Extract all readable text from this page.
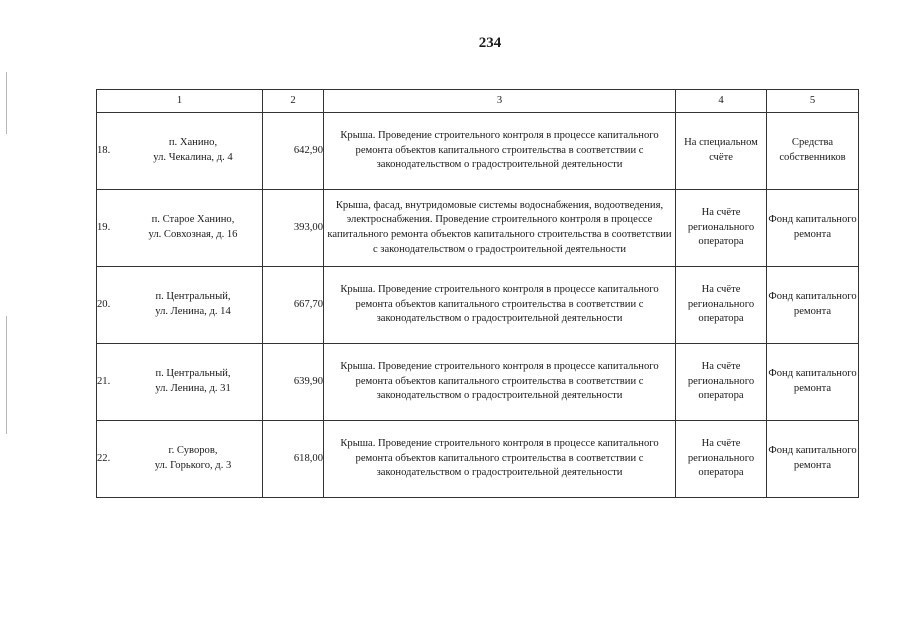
234
1	2	3	4	5
18.п. Ханино,
ул. Чекалина, д. 4	642,90	Крыша. Проведение строительного контроля в процессе капитального ремонта объектов капитального строительства в соответствии с законодательством о градостроительной деятельности	На специальном счёте	Средства собственников
19.п. Старое Ханино,
ул. Совхозная, д. 16	393,00	Крыша, фасад, внутридомовые системы водоснабжения, водоотведения, электроснабжения. Проведение строительного контроля в процессе капитального ремонта объектов капитального строительства в соответствии с законодательством о градостроительной деятельности	На счёте регионального оператора	Фонд капитального ремонта
20.п. Центральный,
ул. Ленина, д. 14	667,70	Крыша. Проведение строительного контроля в процессе капитального ремонта объектов капитального строительства в соответствии с законодательством о градостроительной деятельности	На счёте регионального оператора	Фонд капитального ремонта
21.п. Центральный,
ул. Ленина, д. 31	639,90	Крыша. Проведение строительного контроля в процессе капитального ремонта объектов капитального строительства в соответствии с законодательством о градостроительной деятельности	На счёте регионального оператора	Фонд капитального ремонта
22.г. Суворов,
ул. Горького, д. 3	618,00	Крыша. Проведение строительного контроля в процессе капитального ремонта объектов капитального строительства в соответствии с законодательством о градостроительной деятельности	На счёте регионального оператора	Фонд капитального ремонта
